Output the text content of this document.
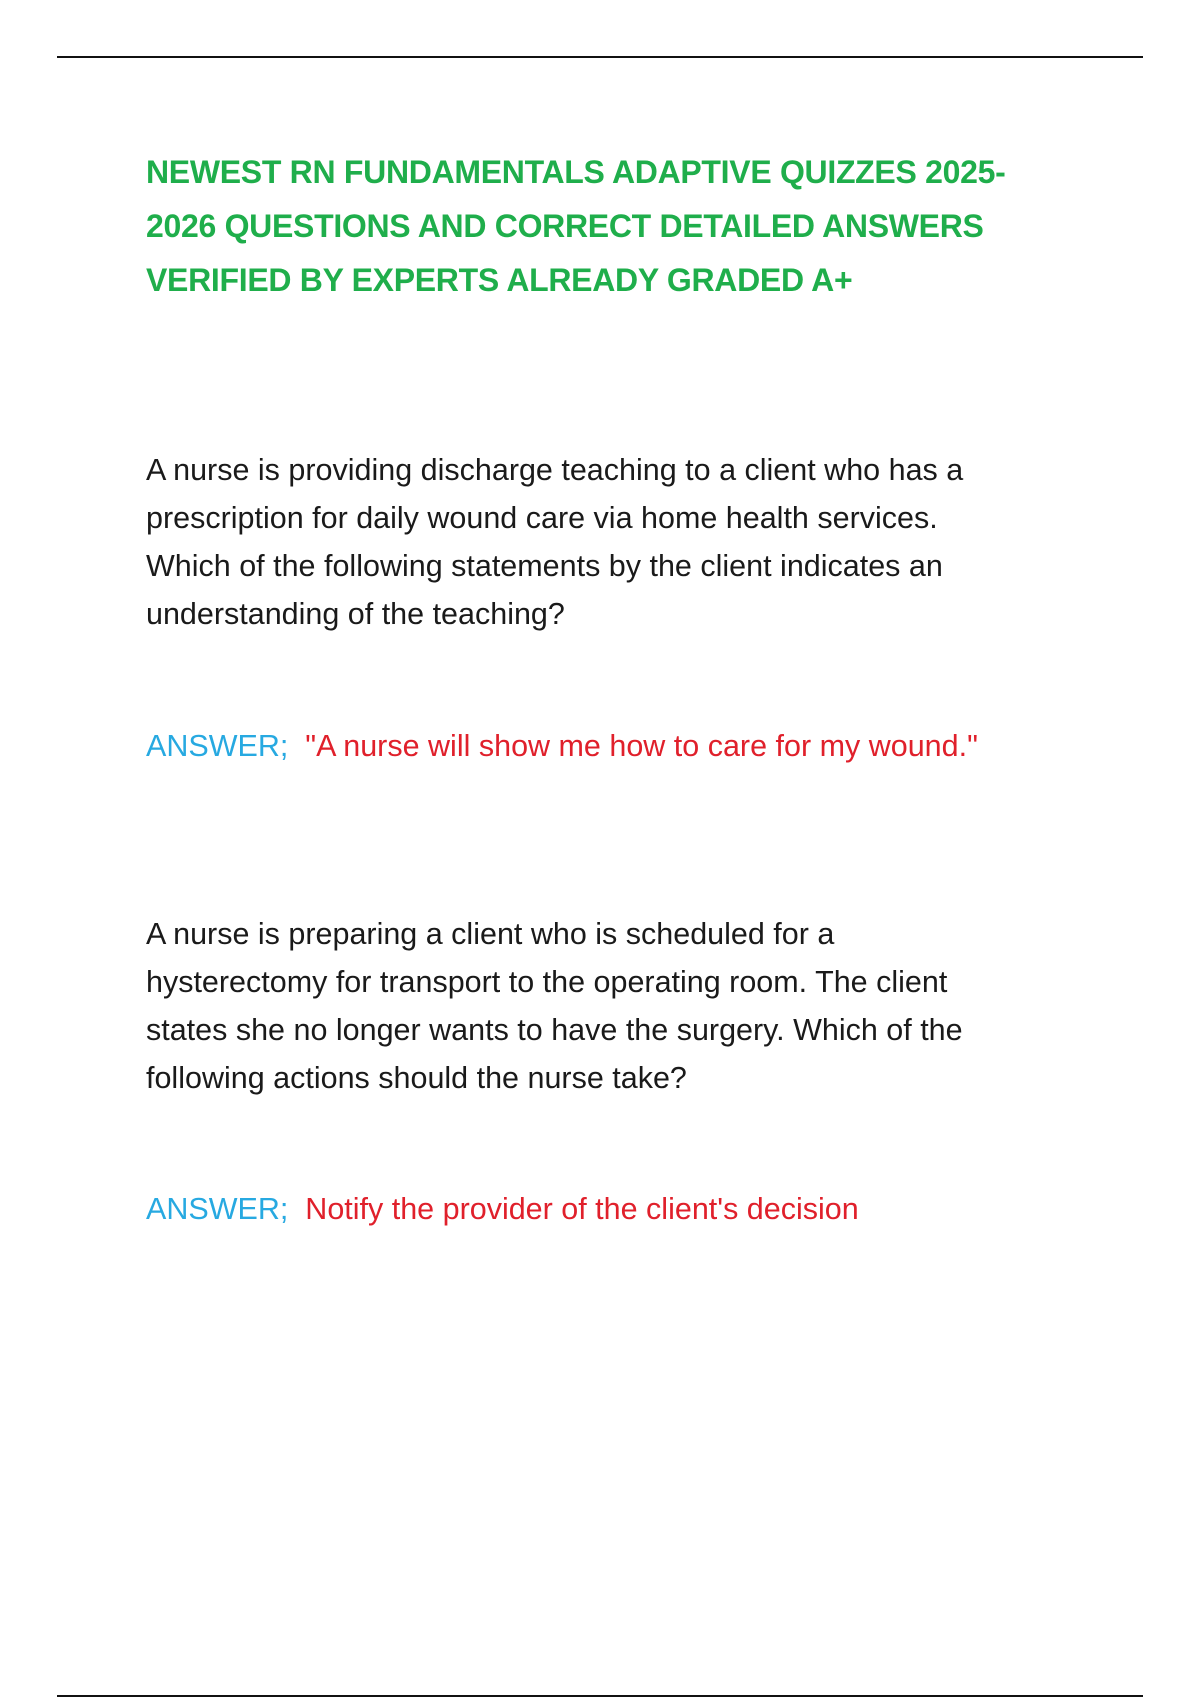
NEWEST RN FUNDAMENTALS ADAPTIVE QUIZZES 2025-
2026 QUESTIONS AND CORRECT DETAILED ANSWERS
VERIFIED BY EXPERTS ALREADY GRADED A+

A nurse is providing discharge teaching to a client who has a
prescription for daily wound care via home health services.
Which of the following statements by the client indicates an
understanding of the teaching?

ANSWER; "A nurse will show me how to care for my wound."

A nurse is preparing a client who is scheduled for a
hysterectomy for transport to the operating room. The client
states she no longer wants to have the surgery. Which of the
following actions should the nurse take?

ANSWER; Notify the provider of the client's decision
